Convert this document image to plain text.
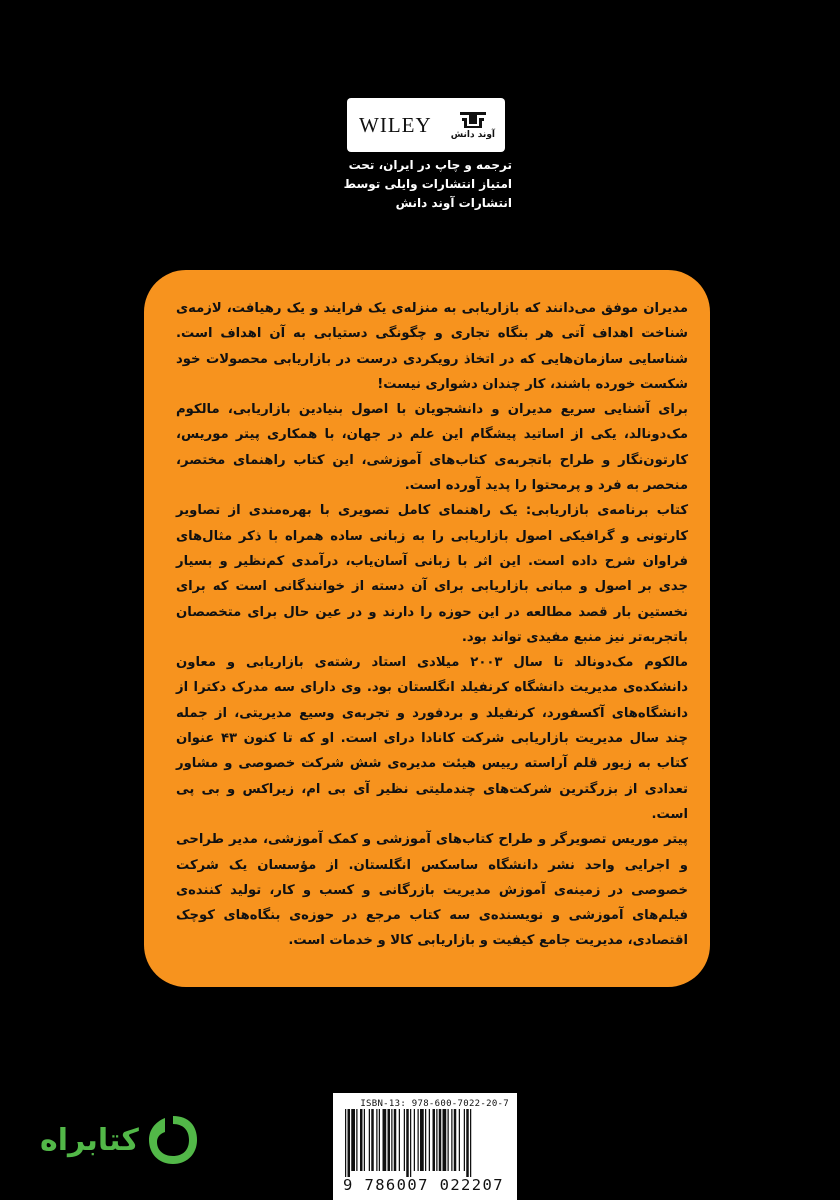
WILEY آوند دانش
ترجمه و چاپ در ایران، تحت
امتیاز انتشارات وایلی توسط
انتشارات آوند دانش

مدیران موفق می‌دانند که بازاریابی به منزله‌ی یک فرایند و یک رهیافت، لازمه‌ی شناخت اهداف آتی هر بنگاه تجاری و چگونگی دستیابی به آن اهداف است. شناسایی سازمان‌هایی که در اتخاذ رویکردی درست در بازاریابی محصولات خود شکست خورده باشند، کار چندان دشواری نیست!

برای آشنایی سریع مدیران و دانشجویان با اصول بنیادین بازاریابی، مالکوم مک‌دونالد، یکی از اساتید پیشگام این علم در جهان، با همکاری پیتر موریس، کارتون‌نگار و طراح باتجربه‌ی کتاب‌های آموزشی، این کتاب راهنمای مختصر، منحصر به فرد و پرمحتوا را پدید آورده است.

کتاب برنامه‌ی بازاریابی: یک راهنمای کامل تصویری با بهره‌مندی از تصاویر کارتونی و گرافیکی اصول بازاریابی را به زبانی ساده همراه با ذکر مثال‌های فراوان شرح داده است. این اثر با زبانی آسان‌یاب، درآمدی کم‌نظیر و بسیار جدی بر اصول و مبانی بازاریابی برای آن دسته از خوانندگانی است که برای نخستین بار قصد مطالعه در این حوزه را دارند و در عین حال برای متخصصان باتجربه‌تر نیز منبع مفیدی تواند بود.

مالکوم مک‌دونالد تا سال ۲۰۰۳ میلادی استاد رشته‌ی بازاریابی و معاون دانشکده‌ی مدیریت دانشگاه کرنفیلد انگلستان بود. وی دارای سه مدرک دکترا از دانشگاه‌های آکسفورد، کرنفیلد و بردفورد و تجربه‌ی وسیع مدیریتی، از جمله چند سال مدیریت بازاریابی شرکت کانادا درای است. او که تا کنون ۴۳ عنوان کتاب به زیور قلم آراسته رییس هیئت مدیره‌ی شش شرکت خصوصی و مشاور تعدادی از بزرگترین شرکت‌های چندملیتی نظیر آی بی ام، زیراکس و بی پی است.

پیتر موریس تصویرگر و طراح کتاب‌های آموزشی و کمک آموزشی، مدیر طراحی و اجرایی واحد نشر دانشگاه ساسکس انگلستان. از مؤسسان یک شرکت خصوصی در زمینه‌ی آموزش مدیریت بازرگانی و کسب و کار، تولید کننده‌ی فیلم‌های آموزشی و نویسنده‌ی سه کتاب مرجع در حوزه‌ی بنگاه‌های کوچک اقتصادی، مدیریت جامع کیفیت و بازاریابی کالا و خدمات است.

کتابراه
ISBN-13: 978-600-7022-20-7
9 786007 022207
